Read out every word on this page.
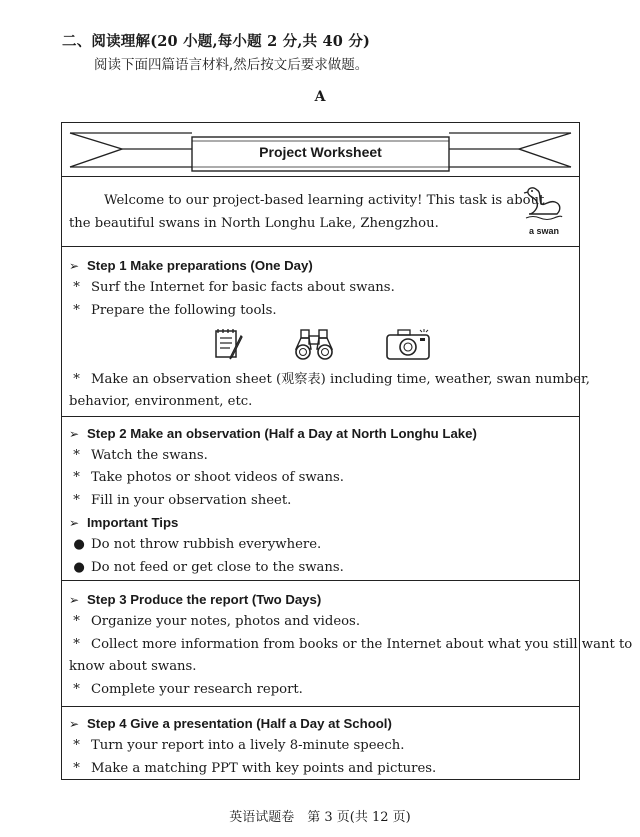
二、阅读理解(20 小题,每小题 2 分,共 40 分)
阅读下面四篇语言材料,然后按文后要求做题。
A
Project Worksheet
Welcome to our project-based learning activity! This task is about
the beautiful swans in North Longhu Lake, Zhengzhou.	a swan
➢ Step 1 Make preparations (One Day)
* Surf the Internet for basic facts about swans.
* Prepare the following tools.
* Make an observation sheet (观察表) including time, weather, swan number,
behavior, environment, etc.
➢ Step 2 Make an observation (Half a Day at North Longhu Lake)
* Watch the swans.
* Take photos or shoot videos of swans.
* Fill in your observation sheet.
➢ Important Tips
● Do not throw rubbish everywhere.
● Do not feed or get close to the swans.
➢ Step 3 Produce the report (Two Days)
* Organize your notes, photos and videos.
* Collect more information from books or the Internet about what you still want to
know about swans.
* Complete your research report.
➢ Step 4 Give a presentation (Half a Day at School)
* Turn your report into a lively 8-minute speech.
* Make a matching PPT with key points and pictures.
英语试题卷　第 3 页(共 12 页)
